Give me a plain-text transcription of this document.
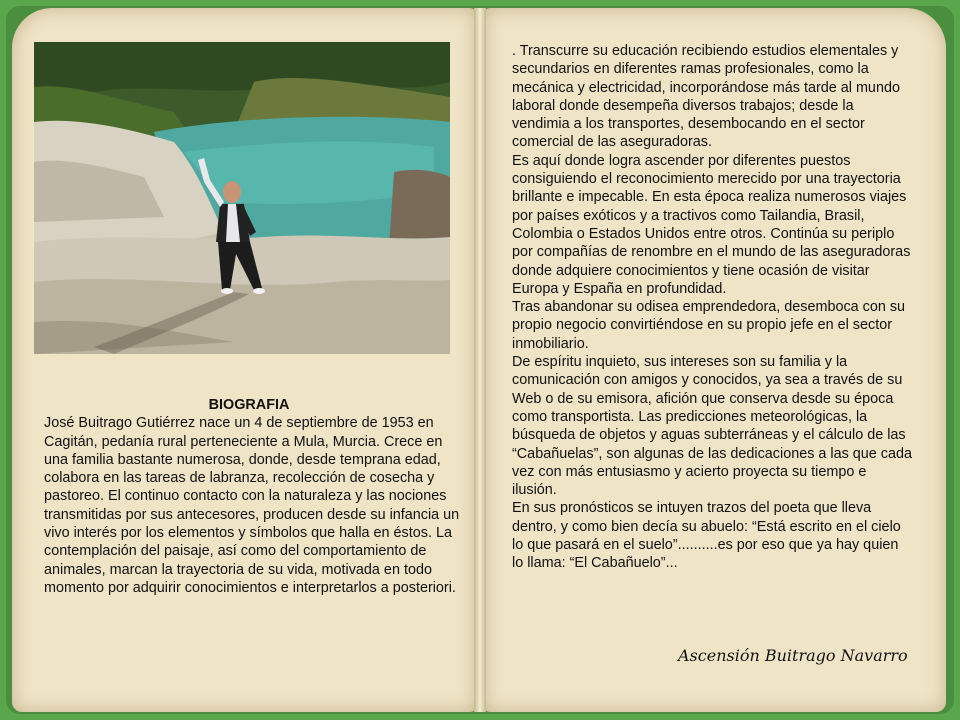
BIOGRAFIA
José Buitrago Gutiérrez nace un 4 de septiembre de 1953 en Cagitán, pedanía rural perteneciente a Mula, Murcia. Crece en una familia bastante numerosa, donde, desde temprana edad, colabora en las tareas de labranza, recolección de cosecha y pastoreo. El continuo contacto con la naturaleza y las nociones transmitidas por sus antecesores, producen desde su infancia un vivo interés por los elementos y símbolos que halla en éstos. La contemplación del paisaje, así como del comportamiento de animales, marcan la trayectoria de su vida, motivada en todo momento por adquirir conocimientos e interpretarlos a posteriori.

. Transcurre su educación recibiendo estudios elementales y secundarios en diferentes ramas profesionales, como la mecánica y electricidad, incorporándose más tarde al mundo laboral donde desempeña diversos trabajos; desde la vendimia a los transportes, desembocando en el sector comercial de las aseguradoras.

Es aquí donde logra ascender por diferentes puestos consiguiendo el reconocimiento merecido por una trayectoria brillante e impecable. En esta época realiza numerosos viajes por países exóticos y a tractivos como Tailandia, Brasil, Colombia o Estados Unidos entre otros. Continúa su periplo por compañías de renombre en el mundo de las aseguradoras donde adquiere conocimientos y tiene ocasión de visitar Europa y España en profundidad.

Tras abandonar su odisea emprendedora, desemboca con su propio negocio convirtiéndose en su propio jefe en el sector inmobiliario.

De espíritu inquieto, sus intereses son su familia y la comunicación con amigos y conocidos, ya sea a través de su Web o de su emisora, afición que conserva desde su época como transportista. Las predicciones meteorológicas, la búsqueda de objetos y aguas subterráneas y el cálculo de las “Cabañuelas”, son algunas de las dedicaciones a las que cada vez con más entusiasmo y acierto proyecta su tiempo e ilusión.

En sus pronósticos se intuyen trazos del poeta que lleva dentro, y como bien decía su abuelo: “Está escrito en el cielo lo que pasará en el suelo”..........es por eso que ya hay quien lo llama: “El Cabañuelo”...

Ascensión Buitrago Navarro
